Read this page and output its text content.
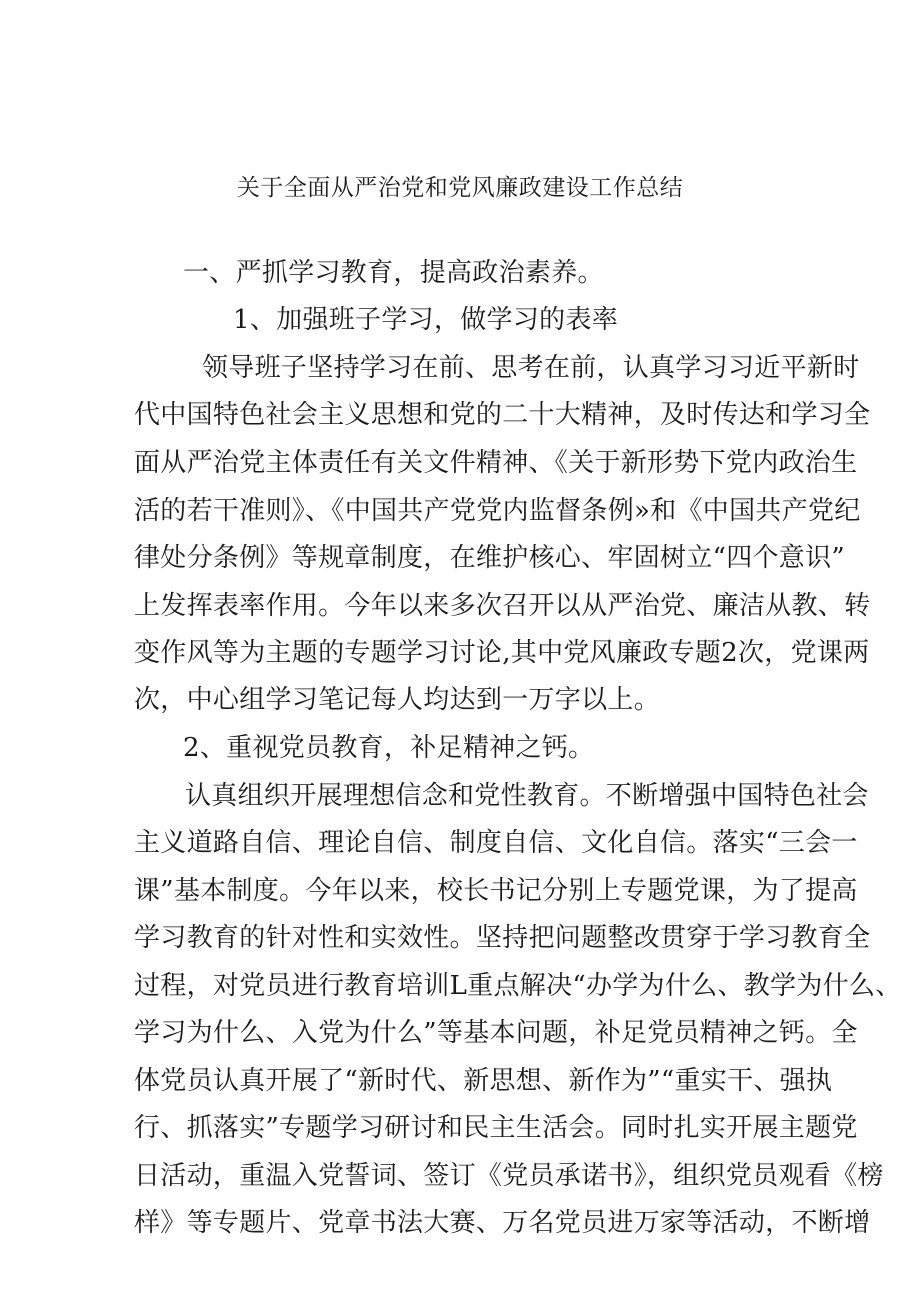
关于全面从严治党和党风廉政建设工作总结
一、严抓学习教育，提高政治素养。
1、加强班子学习，做学习的表率
领导班子坚持学习在前、思考在前，认真学习习近平新时
代中国特色社会主义思想和党的二十大精神，及时传达和学习全
面从严治党主体责任有关文件精神、《关于新形势下党内政治生
活的若干准则》、《中国共产党党内监督条例»和《中国共产党纪
律处分条例》等规章制度，在维护核心、牢固树立“四个意识”
上发挥表率作用。今年以来多次召开以从严治党、廉洁从教、转
变作风等为主题的专题学习讨论,其中党风廉政专题2次，党课两
次，中心组学习笔记每人均达到一万字以上。
2、重视党员教育，补足精神之钙。
认真组织开展理想信念和党性教育。不断增强中国特色社会
主义道路自信、理论自信、制度自信、文化自信。落实“三会一
课”基本制度。今年以来，校长书记分别上专题党课，为了提高
学习教育的针对性和实效性。坚持把问题整改贯穿于学习教育全
过程，对党员进行教育培训L重点解决“办学为什么、教学为什么、
学习为什么、入党为什么”等基本问题，补足党员精神之钙。全
体党员认真开展了“新时代、新思想、新作为”“重实干、强执
行、抓落实”专题学习研讨和民主生活会。同时扎实开展主题党
日活动，重温入党誓词、签订《党员承诺书》，组织党员观看《榜
样》等专题片、党章书法大赛、万名党员进万家等活动，不断增
